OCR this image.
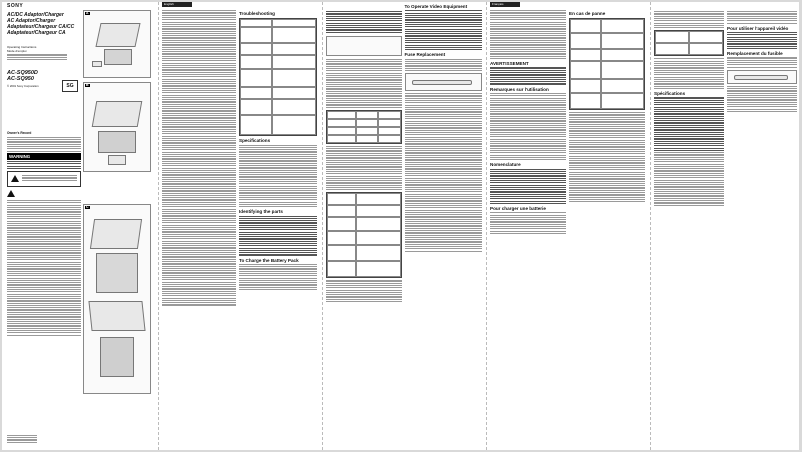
SONY
AC/DC Adaptor/Charger
AC Adaptor/Charger
Adaptateur/Chargeur CA/CC
Adaptateur/Chargeur CA
Operating Instructions
Mode d'emploi
AC-SQ950D
AC-SQ950
© 2001 Sony Corporation	SG
Owner's Record
WARNING
A
B
C
English
Troubleshooting
Specifications
Identifying the parts
To Charge the Battery Pack
To Operate Video Equipment
Fuse Replacement
Français
AVERTISSEMENT
Remarques sur l'utilisation
Nomenclature
Pour charger une batterie
En cas de panne
Spécifications
Pour utiliser l'appareil vidéo
Remplacement du fusible
